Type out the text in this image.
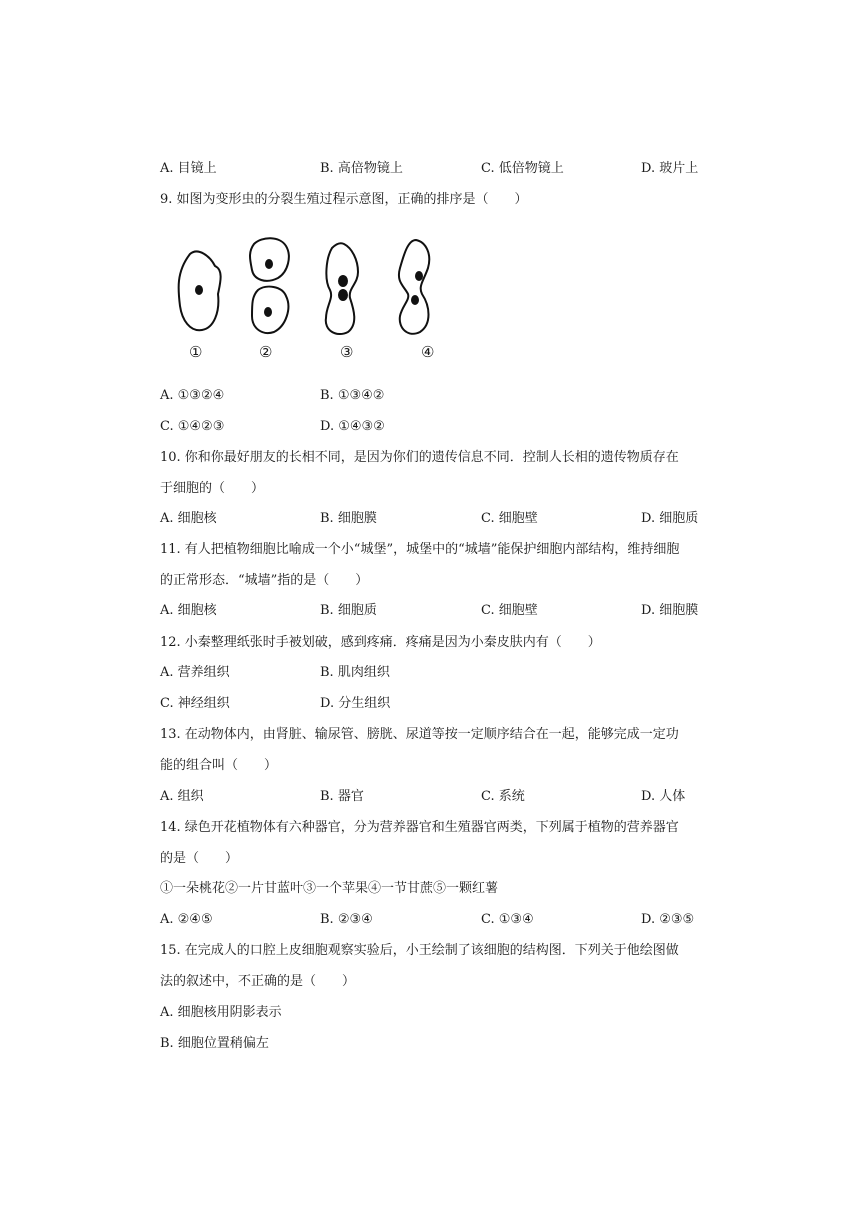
A. 目镜上	B. 高倍物镜上	C. 低倍物镜上	D. 玻片上
9. 如图为变形虫的分裂生殖过程示意图，正确的排序是（　　）
①	②	③	④
A. ①③②④	B. ①③④②
C. ①④②③	D. ①④③②
10. 你和你最好朋友的长相不同，是因为你们的遗传信息不同．控制人长相的遗传物质存在
于细胞的（　　）
A. 细胞核	B. 细胞膜	C. 细胞壁	D. 细胞质
11. 有人把植物细胞比喻成一个小“城堡”，城堡中的“城墙”能保护细胞内部结构，维持细胞
的正常形态．“城墙”指的是（　　）
A. 细胞核	B. 细胞质	C. 细胞壁	D. 细胞膜
12. 小秦整理纸张时手被划破，感到疼痛．疼痛是因为小秦皮肤内有（　　）
A. 营养组织	B. 肌肉组织
C. 神经组织	D. 分生组织
13. 在动物体内，由肾脏、输尿管、膀胱、尿道等按一定顺序结合在一起，能够完成一定功
能的组合叫（　　）
A. 组织	B. 器官	C. 系统	D. 人体
14. 绿色开花植物体有六种器官，分为营养器官和生殖器官两类，下列属于植物的营养器官
的是（　　）
①一朵桃花②一片甘蓝叶③一个苹果④一节甘蔗⑤一颗红薯
A. ②④⑤	B. ②③④	C. ①③④	D. ②③⑤
15. 在完成人的口腔上皮细胞观察实验后，小王绘制了该细胞的结构图．下列关于他绘图做
法的叙述中，不正确的是（　　）
A. 细胞核用阴影表示
B. 细胞位置稍偏左
